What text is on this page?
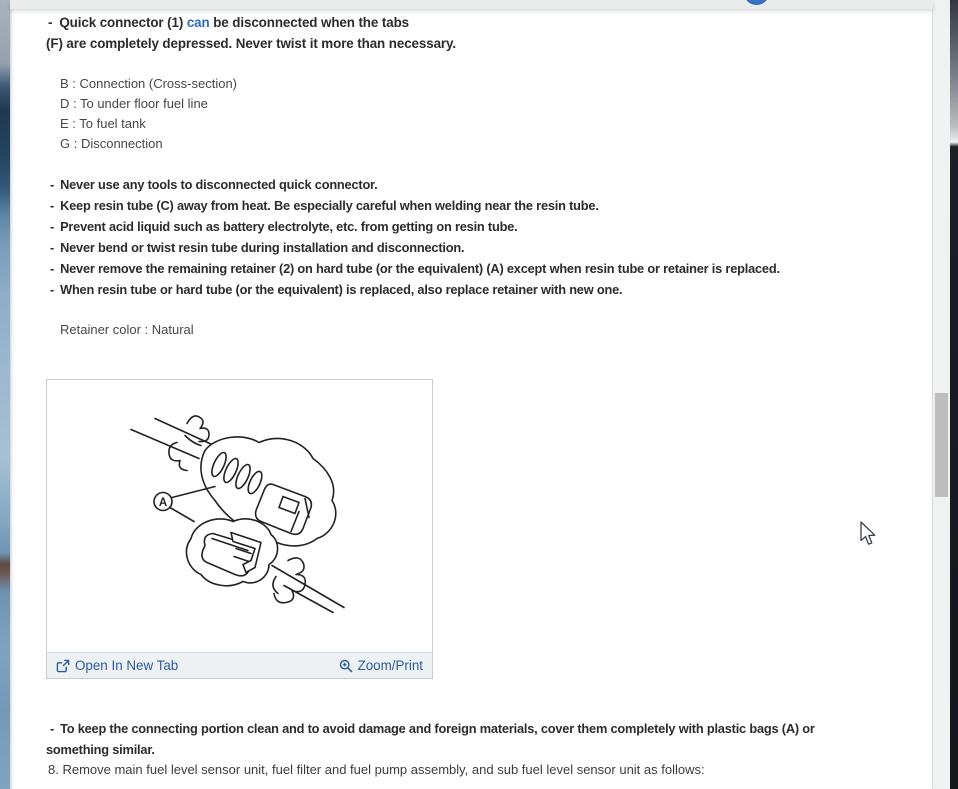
- Quick connector (1) can be disconnected when the tabs
(F) are completely depressed. Never twist it more than necessary.
B : Connection (Cross-section)
D : To under floor fuel line
E : To fuel tank
G : Disconnection
- Never use any tools to disconnected quick connector.
- Keep resin tube (C) away from heat. Be especially careful when welding near the resin tube.
- Prevent acid liquid such as battery electrolyte, etc. from getting on resin tube.
- Never bend or twist resin tube during installation and disconnection.
- Never remove the remaining retainer (2) on hard tube (or the equivalent) (A) except when resin tube or retainer is replaced.
- When resin tube or hard tube (or the equivalent) is replaced, also replace retainer with new one.
Retainer color : Natural
A
Open In New Tab	Zoom/Print
- To keep the connecting portion clean and to avoid damage and foreign materials, cover them completely with plastic bags (A) or
something similar.
8. Remove main fuel level sensor unit, fuel filter and fuel pump assembly, and sub fuel level sensor unit as follows:
